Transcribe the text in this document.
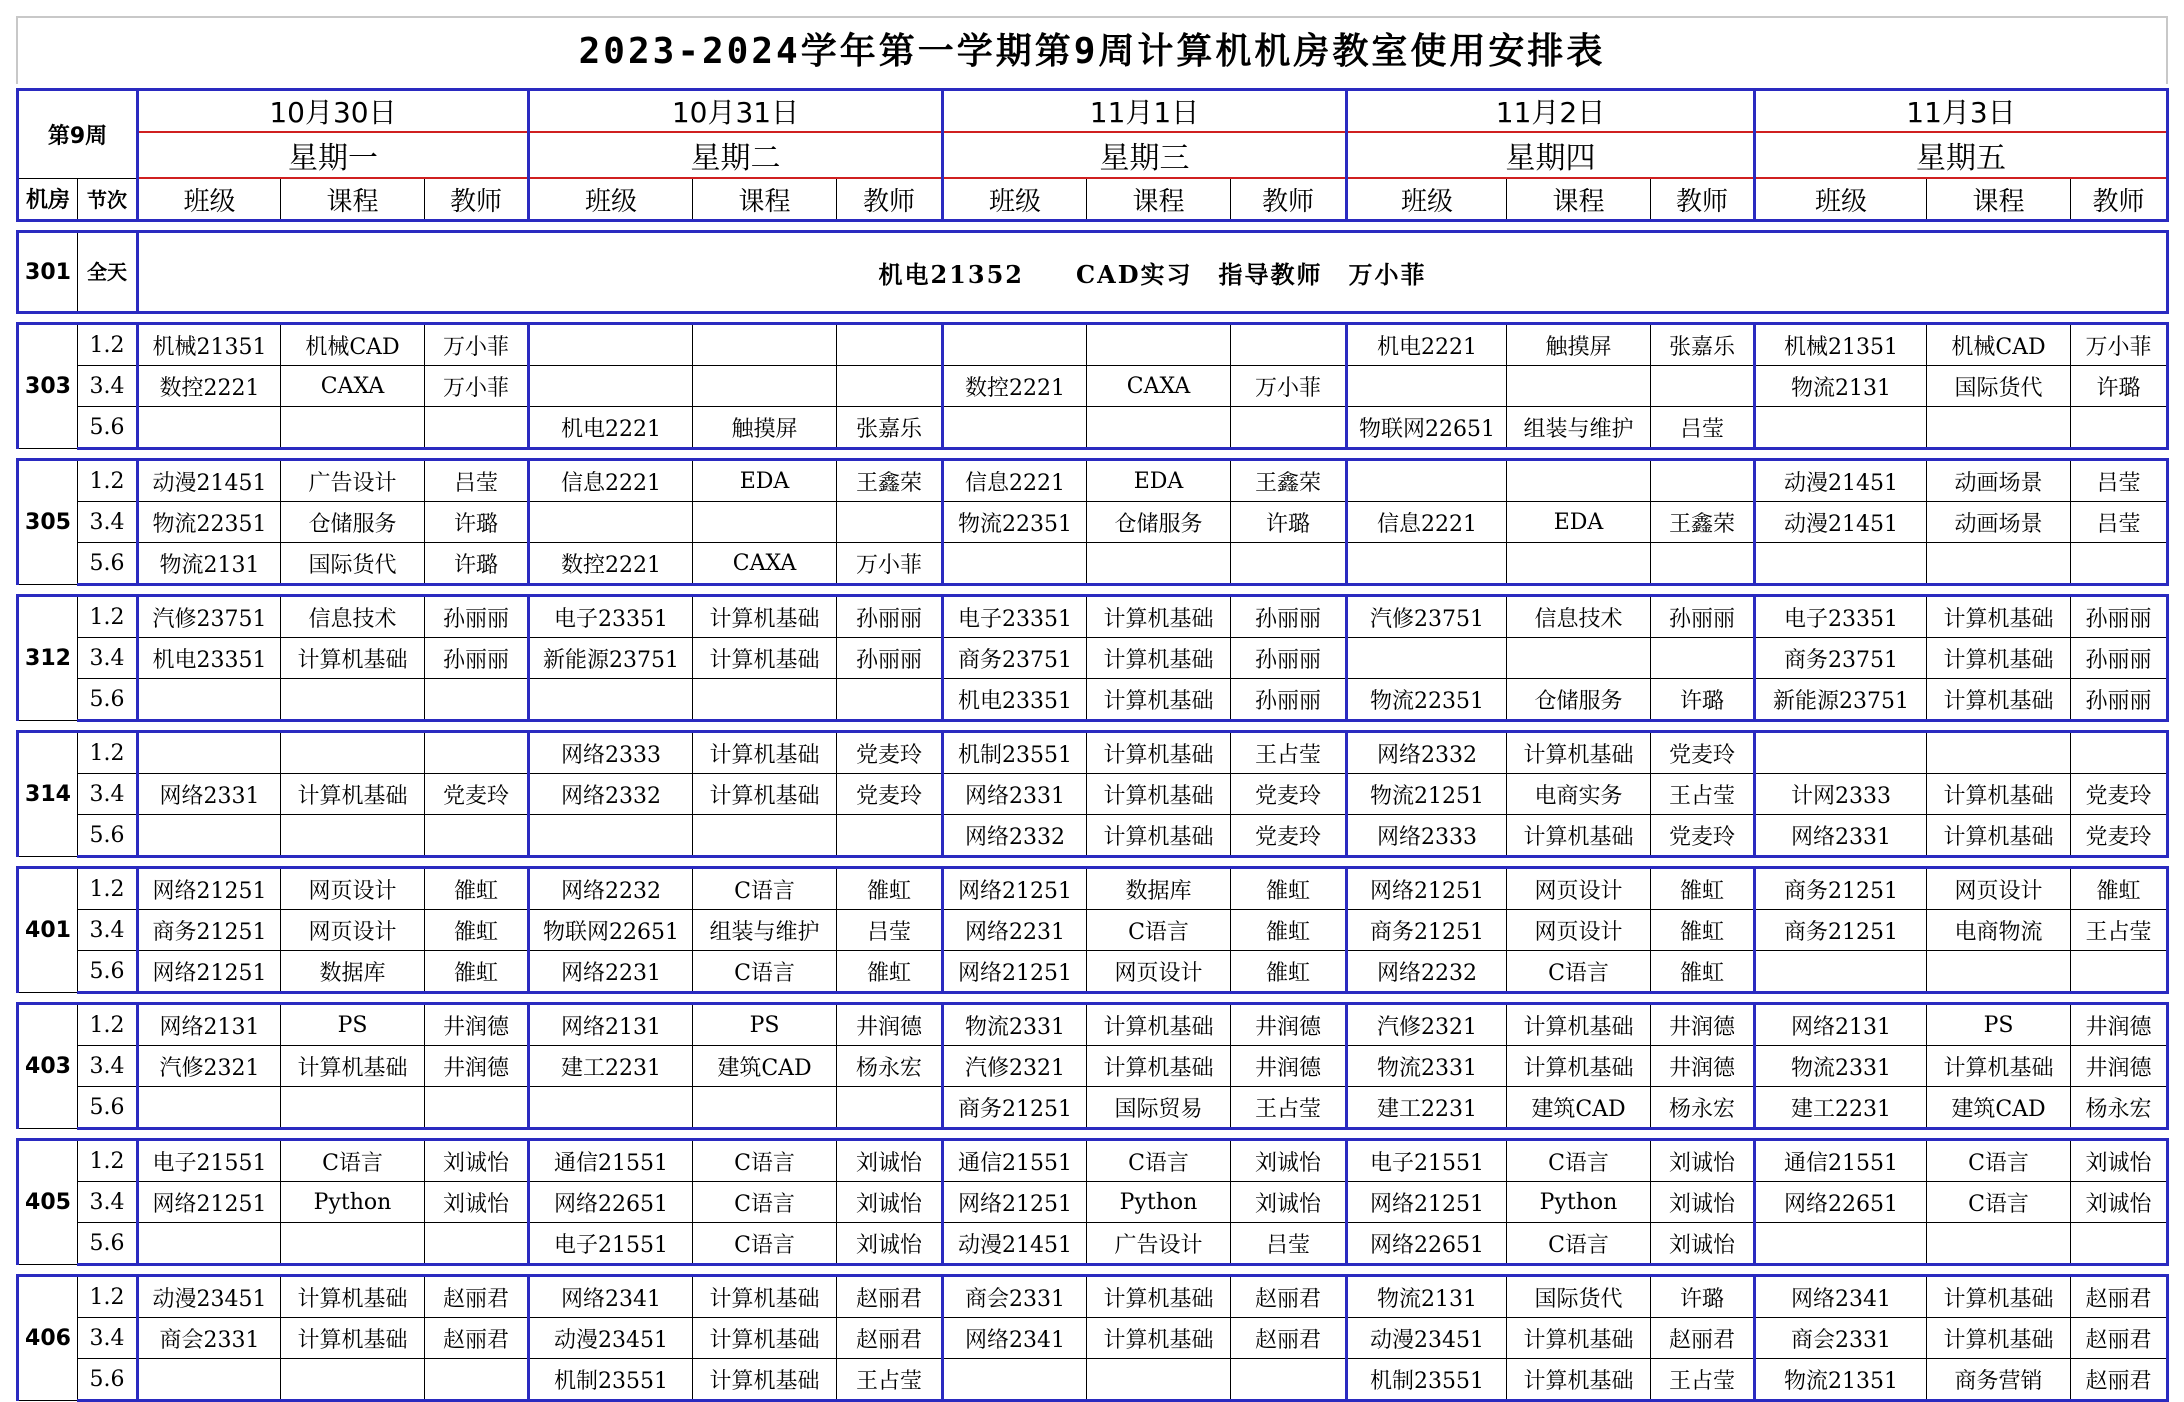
2023-2024学年第一学期第9周计算机机房教室使用安排表
第9周		10月30日			10月31日			11月1日			11月2日			11月3日		
		星期一			星期二			星期三			星期四			星期五		
机房	节次	班级	课程	教师	班级	课程	教师	班级	课程	教师	班级	课程	教师	班级	课程	教师

301	全天	机电21352　　CAD实习　指导教师　万小菲														

303	1.2	机械21351	机械CAD	万小菲							机电2221	触摸屏	张嘉乐	机械21351	机械CAD	万小菲
	3.4	数控2221	CAXA	万小菲				数控2221	CAXA	万小菲				物流2131	国际货代	许璐
	5.6				机电2221	触摸屏	张嘉乐				物联网22651	组装与维护	吕莹			

305	1.2	动漫21451	广告设计	吕莹	信息2221	EDA	王鑫荣	信息2221	EDA	王鑫荣				动漫21451	动画场景	吕莹
	3.4	物流22351	仓储服务	许璐				物流22351	仓储服务	许璐	信息2221	EDA	王鑫荣	动漫21451	动画场景	吕莹
	5.6	物流2131	国际货代	许璐	数控2221	CAXA	万小菲									

312	1.2	汽修23751	信息技术	孙丽丽	电子23351	计算机基础	孙丽丽	电子23351	计算机基础	孙丽丽	汽修23751	信息技术	孙丽丽	电子23351	计算机基础	孙丽丽
	3.4	机电23351	计算机基础	孙丽丽	新能源23751	计算机基础	孙丽丽	商务23751	计算机基础	孙丽丽				商务23751	计算机基础	孙丽丽
	5.6							机电23351	计算机基础	孙丽丽	物流22351	仓储服务	许璐	新能源23751	计算机基础	孙丽丽

314	1.2				网络2333	计算机基础	党麦玲	机制23551	计算机基础	王占莹	网络2332	计算机基础	党麦玲			
	3.4	网络2331	计算机基础	党麦玲	网络2332	计算机基础	党麦玲	网络2331	计算机基础	党麦玲	物流21251	电商实务	王占莹	计网2333	计算机基础	党麦玲
	5.6							网络2332	计算机基础	党麦玲	网络2333	计算机基础	党麦玲	网络2331	计算机基础	党麦玲

401	1.2	网络21251	网页设计	雒虹	网络2232	C语言	雒虹	网络21251	数据库	雒虹	网络21251	网页设计	雒虹	商务21251	网页设计	雒虹
	3.4	商务21251	网页设计	雒虹	物联网22651	组装与维护	吕莹	网络2231	C语言	雒虹	商务21251	网页设计	雒虹	商务21251	电商物流	王占莹
	5.6	网络21251	数据库	雒虹	网络2231	C语言	雒虹	网络21251	网页设计	雒虹	网络2232	C语言	雒虹			

403	1.2	网络2131	PS	井润德	网络2131	PS	井润德	物流2331	计算机基础	井润德	汽修2321	计算机基础	井润德	网络2131	PS	井润德
	3.4	汽修2321	计算机基础	井润德	建工2231	建筑CAD	杨永宏	汽修2321	计算机基础	井润德	物流2331	计算机基础	井润德	物流2331	计算机基础	井润德
	5.6							商务21251	国际贸易	王占莹	建工2231	建筑CAD	杨永宏	建工2231	建筑CAD	杨永宏

405	1.2	电子21551	C语言	刘诚怡	通信21551	C语言	刘诚怡	通信21551	C语言	刘诚怡	电子21551	C语言	刘诚怡	通信21551	C语言	刘诚怡
	3.4	网络21251	Python	刘诚怡	网络22651	C语言	刘诚怡	网络21251	Python	刘诚怡	网络21251	Python	刘诚怡	网络22651	C语言	刘诚怡
	5.6				电子21551	C语言	刘诚怡	动漫21451	广告设计	吕莹	网络22651	C语言	刘诚怡			

406	1.2	动漫23451	计算机基础	赵丽君	网络2341	计算机基础	赵丽君	商会2331	计算机基础	赵丽君	物流2131	国际货代	许璐	网络2341	计算机基础	赵丽君
	3.4	商会2331	计算机基础	赵丽君	动漫23451	计算机基础	赵丽君	网络2341	计算机基础	赵丽君	动漫23451	计算机基础	赵丽君	商会2331	计算机基础	赵丽君
	5.6				机制23551	计算机基础	王占莹				机制23551	计算机基础	王占莹	物流21351	商务营销	赵丽君
